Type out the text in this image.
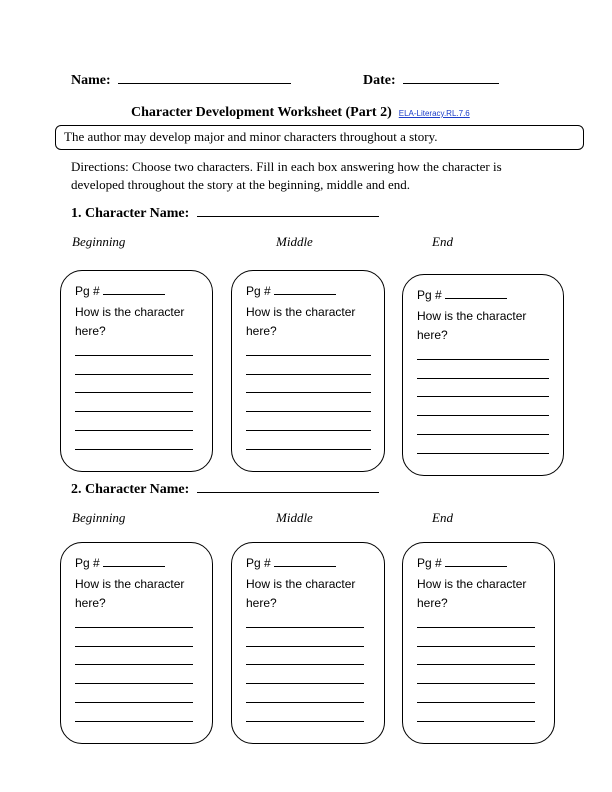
Name:	Date:
Character Development Worksheet (Part 2) ELA-Literacy.RL.7.6
The author may develop major and minor characters throughout a story.
Directions: Choose two characters. Fill in each box answering how the character is
developed throughout the story at the beginning, middle and end.
1. Character Name:
Beginning	Middle	End
Pg #
How is the character here?
Pg #
How is the character here?
Pg #
How is the character here?
2. Character Name:
Beginning	Middle	End
Pg #
How is the character here?
Pg #
How is the character here?
Pg #
How is the character here?
